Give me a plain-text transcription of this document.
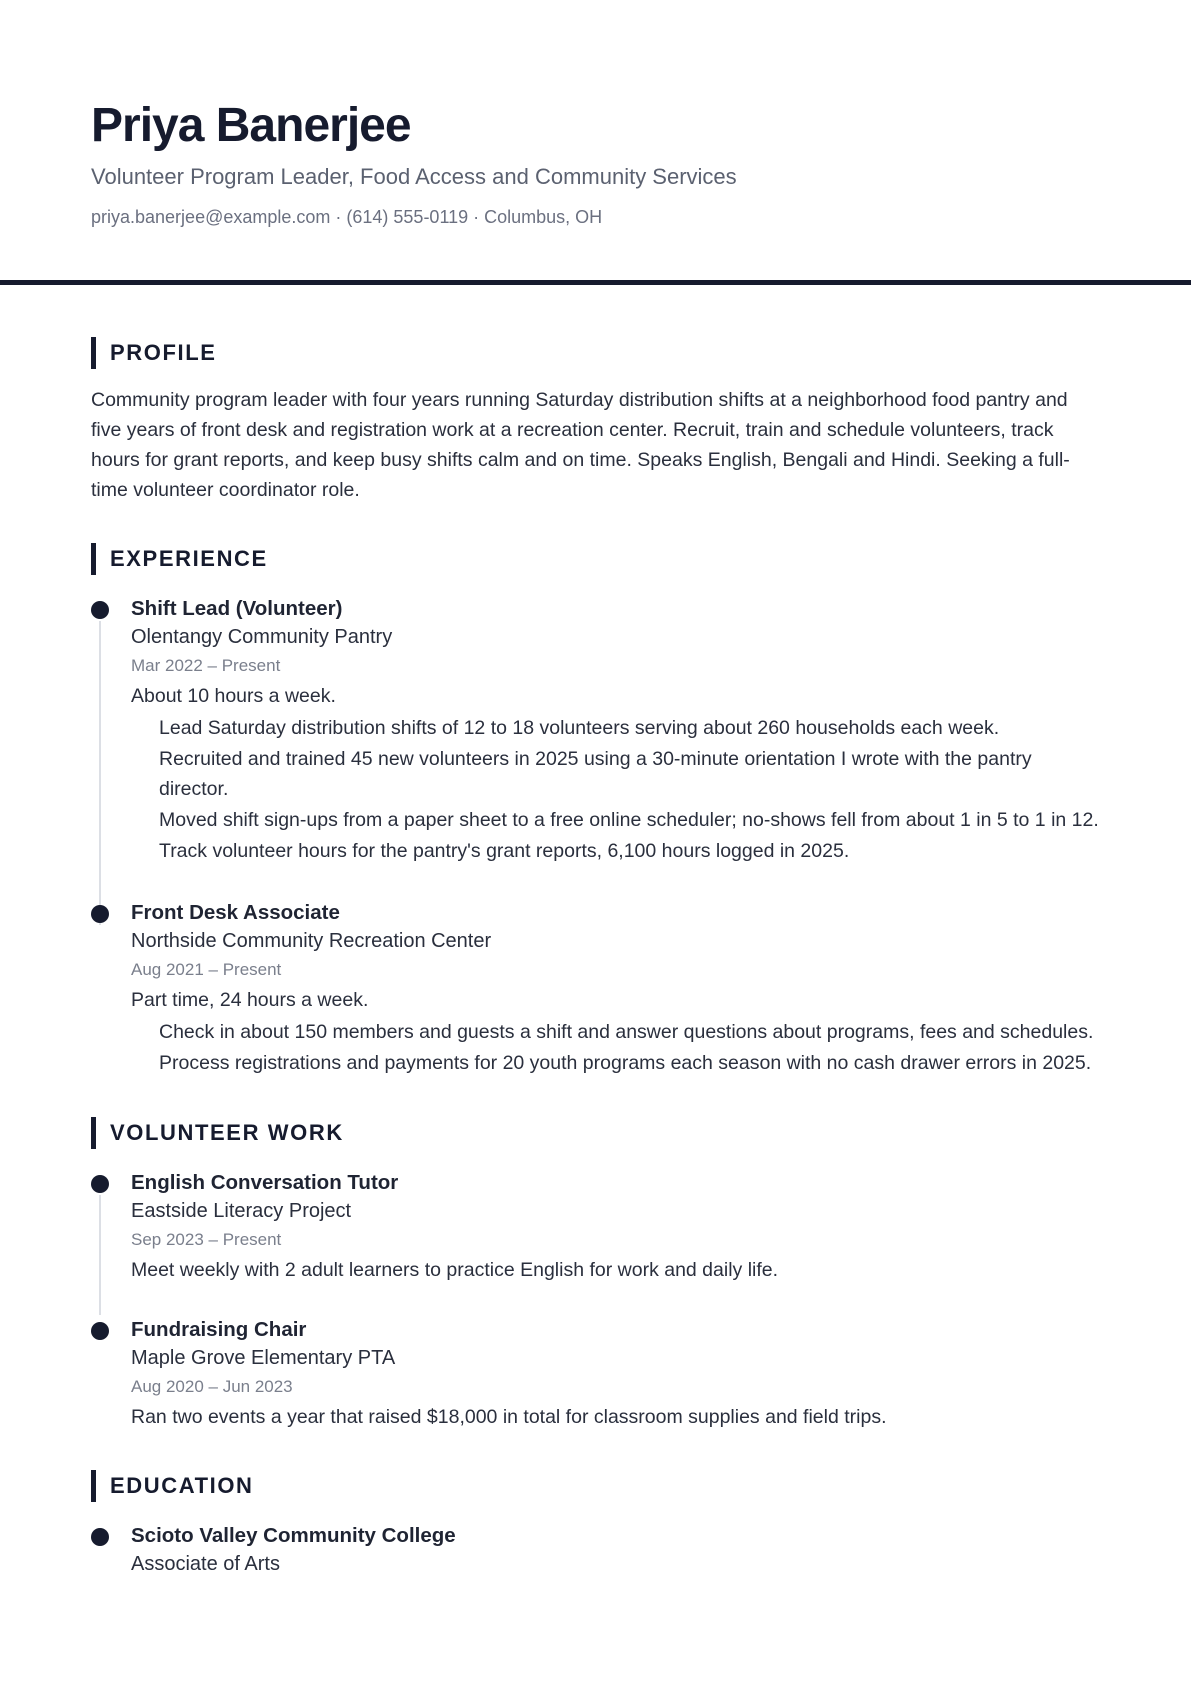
Priya Banerjee
Volunteer Program Leader, Food Access and Community Services
priya.banerjee@example.com · (614) 555-0119 · Columbus, OH
PROFILE

Community program leader with four years running Saturday distribution shifts at a neighborhood food pantry and five years of front desk and registration work at a recreation center. Recruit, train and schedule volunteers, track hours for grant reports, and keep busy shifts calm and on time. Speaks English, Bengali and Hindi. Seeking a full-time volunteer coordinator role.

EXPERIENCE
Shift Lead (Volunteer)
Olentangy Community Pantry
Mar 2022 – Present
About 10 hours a week.
Lead Saturday distribution shifts of 12 to 18 volunteers serving about 260 households each week.
Recruited and trained 45 new volunteers in 2025 using a 30-minute orientation I wrote with the pantry director.
Moved shift sign-ups from a paper sheet to a free online scheduler; no-shows fell from about 1 in 5 to 1 in 12.
Track volunteer hours for the pantry's grant reports, 6,100 hours logged in 2025.
Front Desk Associate
Northside Community Recreation Center
Aug 2021 – Present
Part time, 24 hours a week.
Check in about 150 members and guests a shift and answer questions about programs, fees and schedules.
Process registrations and payments for 20 youth programs each season with no cash drawer errors in 2025.
VOLUNTEER WORK
English Conversation Tutor
Eastside Literacy Project
Sep 2023 – Present
Meet weekly with 2 adult learners to practice English for work and daily life.
Fundraising Chair
Maple Grove Elementary PTA
Aug 2020 – Jun 2023
Ran two events a year that raised $18,000 in total for classroom supplies and field trips.
EDUCATION
Scioto Valley Community College
Associate of Arts
